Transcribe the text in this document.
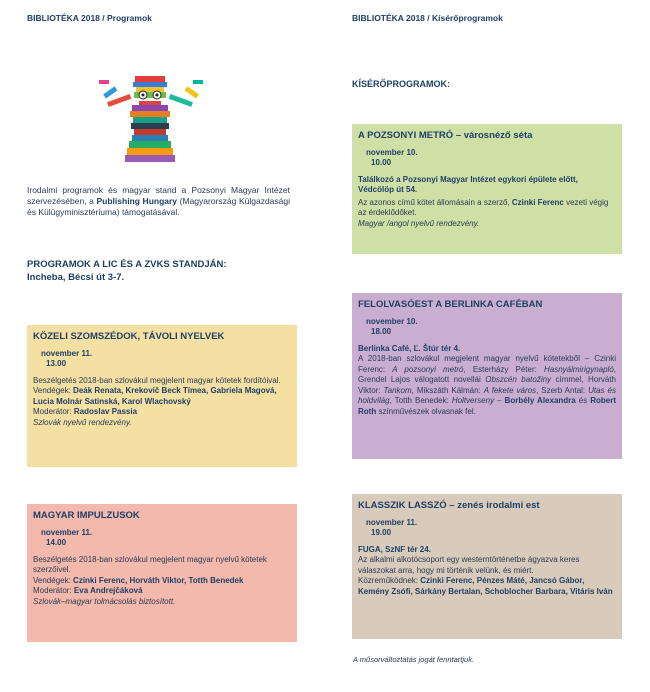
BIBLIOTÉKA 2018 / Programok
Irodalmi programok és magyar stand a Pozsonyi Magyar Intézet szervezésében, a Publishing Hungary (Magyarország Külgazdasági és Külügyminisztériuma) támogatásával.
PROGRAMOK A LIC ÉS A ZVKS STANDJÁN:
Incheba, Bécsi út 3-7.
KÖZELI SZOMSZÉDOK, TÁVOLI NYELVEK
november 11.
13.00
Beszélgetés 2018-ban szlovákul megjelent magyar kötetek fordítóival.
Vendégek: Deák Renata, Krekovič Beck Tímea, Gabriela Magová, Lucia Molnár Satinská, Karol Wlachovský
Moderátor: Radoslav Passia
Szlovák nyelvű rendezvény.
MAGYAR IMPULZUSOK
november 11.
14.00
Beszélgetés 2018-ban szlovákul megjelent magyar nyelvű kötetek szerzőivel.
Vendégek: Czinki Ferenc, Horváth Viktor, Totth Benedek
Moderátor: Eva Andrejčáková
Szlovák–magyar tolmácsolás biztosított.
BIBLIOTÉKA 2018 / Kísérőprogramok
KÍSÉRŐPROGRAMOK:
A POZSONYI METRÓ – városnéző séta
november 10.
10.00
Találkozó a Pozsonyi Magyar Intézet egykori épülete előtt, Védcölöp út 54.
Az azonos című kötet állomásain a szerző, Czinki Ferenc vezeti végig az érdeklődőket.
Magyar /angol nyelvű rendezvény.
FELOLVASÓEST A BERLINKA CAFÉBAN
november 10.
18.00
Berlinka Café, Ľ. Štúr tér 4.
A 2018-ban szlovákul megjelent magyar nyelvű kötetekből – Czinki Ferenc: A pozsonyi metró, Esterházy Péter: Hasnyálmirigynapló, Grendel Lajos válogatott novellái Obszcén batožiny címmel, Horváth Viktor: Tankom, Mikszáth Kálmán: A fekete város, Szerb Antal: Utas és holdvilág, Totth Benedek: Holtverseny – Borbély Alexandra és Robert Roth színművészek olvasnak fel.
KLASSZIK LASSZÓ – zenés irodalmi est
november 11.
19.00
FUGA, SzNF tér 24.
Az alkalmi alkotócsoport egy westerntörténetbe ágyazva keres válaszokat arra, hogy mi történik velünk, és miért.
Közreműködnek: Czinki Ferenc, Pénzes Máté, Jancsó Gábor, Kemény Zsófi, Sárkány Bertalan, Schoblocher Barbara, Vitáris Iván
A műsorváltoztatás jogát fenntartjuk.
